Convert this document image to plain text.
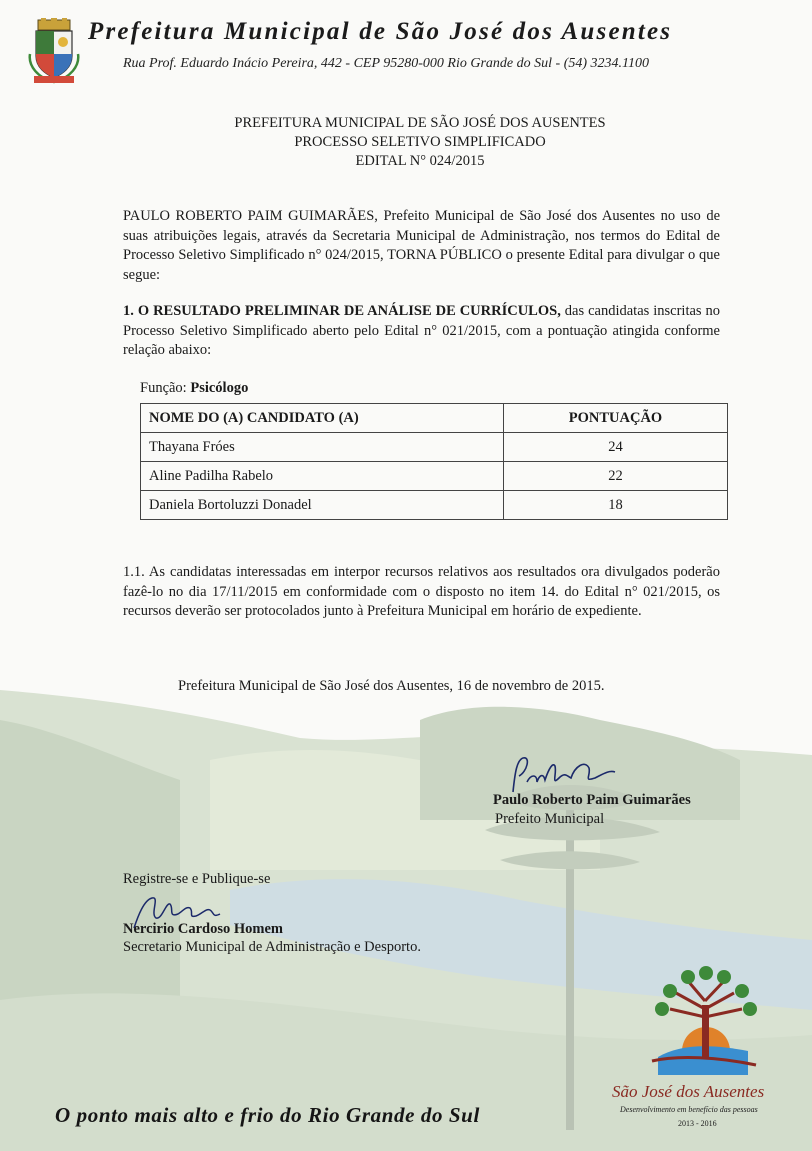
Prefeitura Municipal de São José dos Ausentes
Rua Prof. Eduardo Inácio Pereira, 442 - CEP 95280-000 Rio Grande do Sul - (54) 3234.1100
PREFEITURA MUNICIPAL DE SÃO JOSÉ DOS AUSENTES
PROCESSO SELETIVO SIMPLIFICADO
EDITAL N° 024/2015
PAULO ROBERTO PAIM GUIMARÃES, Prefeito Municipal de São José dos Ausentes no uso de suas atribuições legais, através da Secretaria Municipal de Administração, nos termos do Edital de Processo Seletivo Simplificado n° 024/2015, TORNA PÚBLICO o presente Edital para divulgar o que segue:
1. O RESULTADO PRELIMINAR DE ANÁLISE DE CURRÍCULOS, das candidatas inscritas no Processo Seletivo Simplificado aberto pelo Edital n° 021/2015, com a pontuação atingida conforme relação abaixo:
Função: Psicólogo
NOME DO (A) CANDIDATO (A)	PONTUAÇÃO
Thayana Fróes	24
Aline Padilha Rabelo	22
Daniela Bortoluzzi Donadel	18
1.1. As candidatas interessadas em interpor recursos relativos aos resultados ora divulgados poderão fazê-lo no dia 17/11/2015 em conformidade com o disposto no item 14. do Edital n° 021/2015, os recursos deverão ser protocolados junto à Prefeitura Municipal em horário de expediente.
Prefeitura Municipal de São José dos Ausentes, 16 de novembro de 2015.
Paulo Roberto Paim Guimarães
Prefeito Municipal
Registre-se e Publique-se
Nercirio Cardoso Homem
Secretario Municipal de Administração e Desporto.
São José dos Ausentes
Desenvolvimento em benefício das pessoas
2013 - 2016
O ponto mais alto e frio do Rio Grande do Sul
